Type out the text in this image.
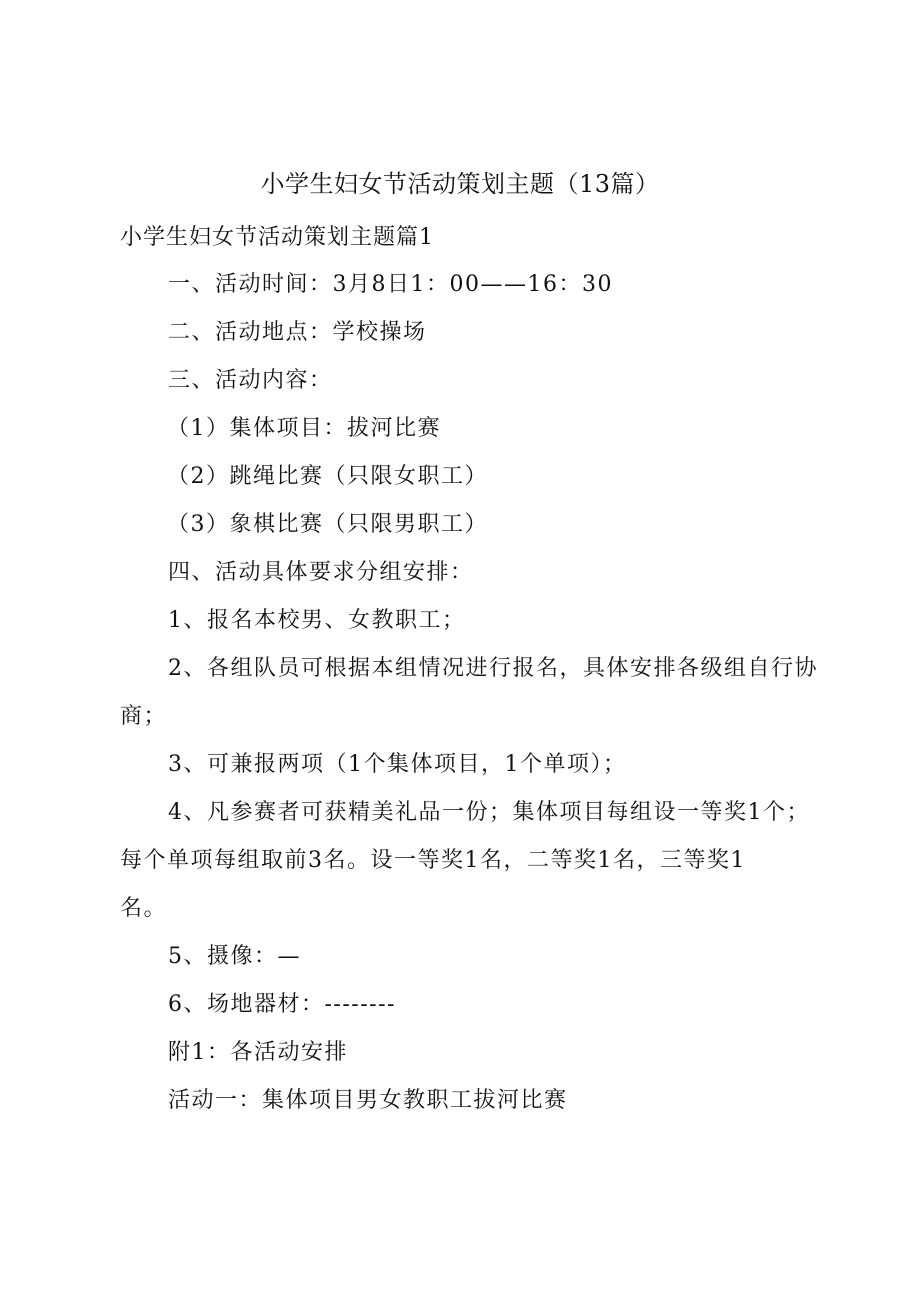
小学生妇女节活动策划主题（13篇）
小学生妇女节活动策划主题篇1
一、活动时间：3月8日1：00——16：30
二、活动地点：学校操场
三、活动内容：
（1）集体项目：拔河比赛
（2）跳绳比赛（只限女职工）
（3）象棋比赛（只限男职工）
四、活动具体要求分组安排：
1、报名本校男、女教职工；
2、各组队员可根据本组情况进行报名，具体安排各级组自行协
商；
3、可兼报两项（1个集体项目，1个单项）；
4、凡参赛者可获精美礼品一份；集体项目每组设一等奖1个；
每个单项每组取前3名。设一等奖1名，二等奖1名，三等奖1
名。
5、摄像：—
6、场地器材：--------
附1：各活动安排
活动一：集体项目男女教职工拔河比赛
